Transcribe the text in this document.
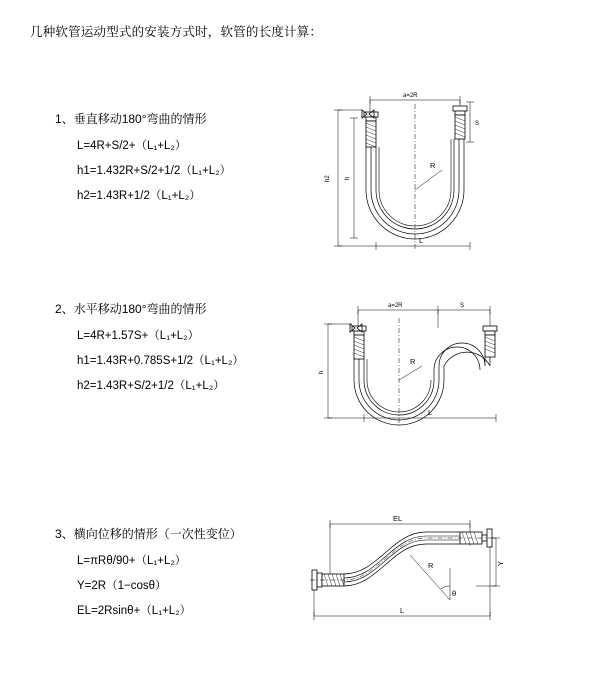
几种软管运动型式的安装方式时，软管的长度计算：
1、垂直移动180°弯曲的情形
L=4R+S/2+（L₁+L₂）
h1=1.432R+S/2+1/2（L₁+L₂）
h2=1.43R+1/2（L₁+L₂）
a=2R
S
h2 h
R
L
2、水平移动180°弯曲的情形
L=4R+1.57S+（L₁+L₂）
h1=1.43R+0.785S+1/2（L₁+L₂）
h2=1.43R+S/2+1/2（L₁+L₂）
a=2R	S
h
R
L
3、横向位移的情形（一次性变位）
L=πRθ/90+（L₁+L₂）
Y=2R（1−cosθ）
EL=2Rsinθ+（L₁+L₂）
EL
Y
R
θ
L
